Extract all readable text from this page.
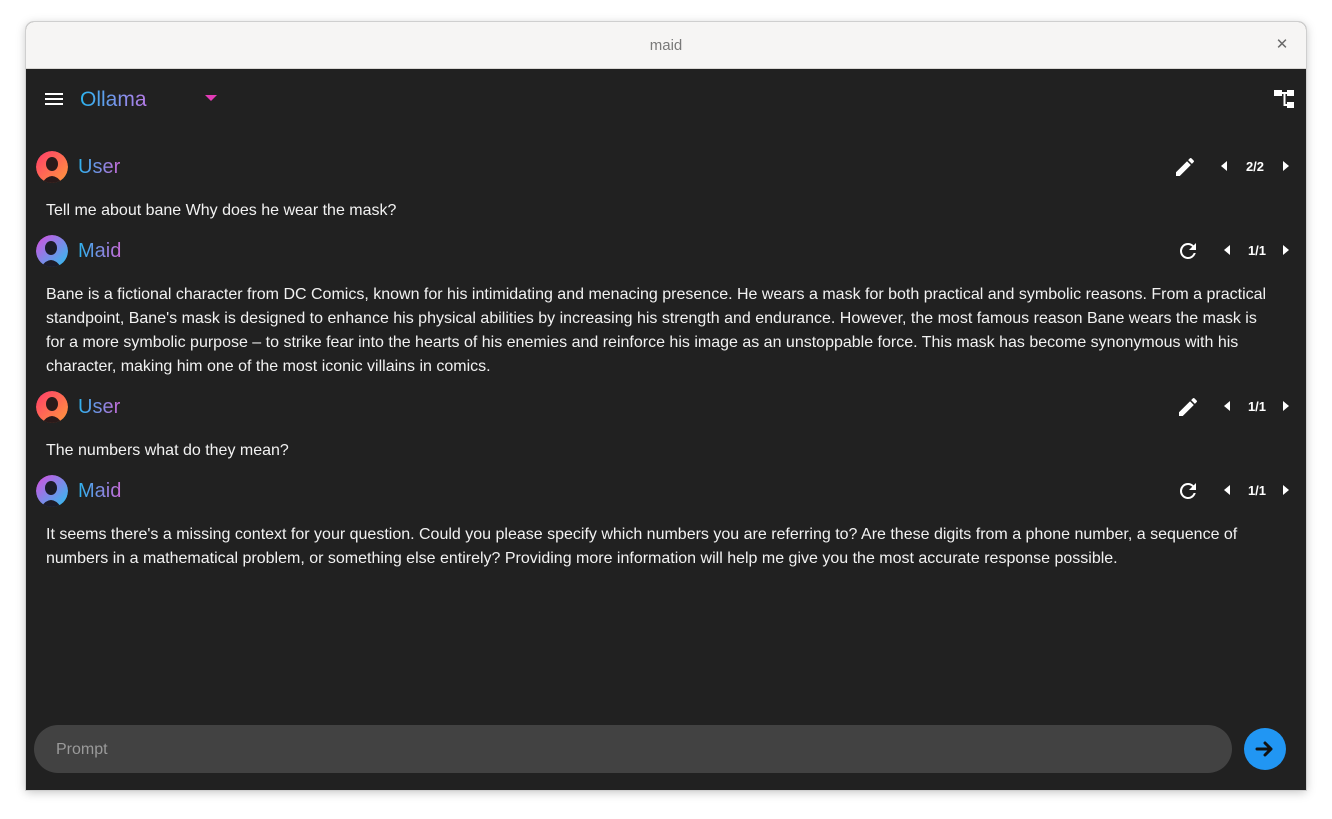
maid	✕
Ollama
User	2/2
Tell me about bane Why does he wear the mask?
Maid	1/1
Bane is a fictional character from DC Comics, known for his intimidating and menacing presence. He wears a mask for both practical and symbolic reasons. From a practical standpoint, Bane's mask is designed to enhance his physical abilities by increasing his strength and endurance. However, the most famous reason Bane wears the mask is for a more symbolic purpose – to strike fear into the hearts of his enemies and reinforce his image as an unstoppable force. This mask has become synonymous with his character, making him one of the most iconic villains in comics.
User	1/1
The numbers what do they mean?
Maid	1/1
It seems there's a missing context for your question. Could you please specify which numbers you are referring to? Are these digits from a phone number, a sequence of numbers in a mathematical problem, or something else entirely? Providing more information will help me give you the most accurate response possible.
Prompt
